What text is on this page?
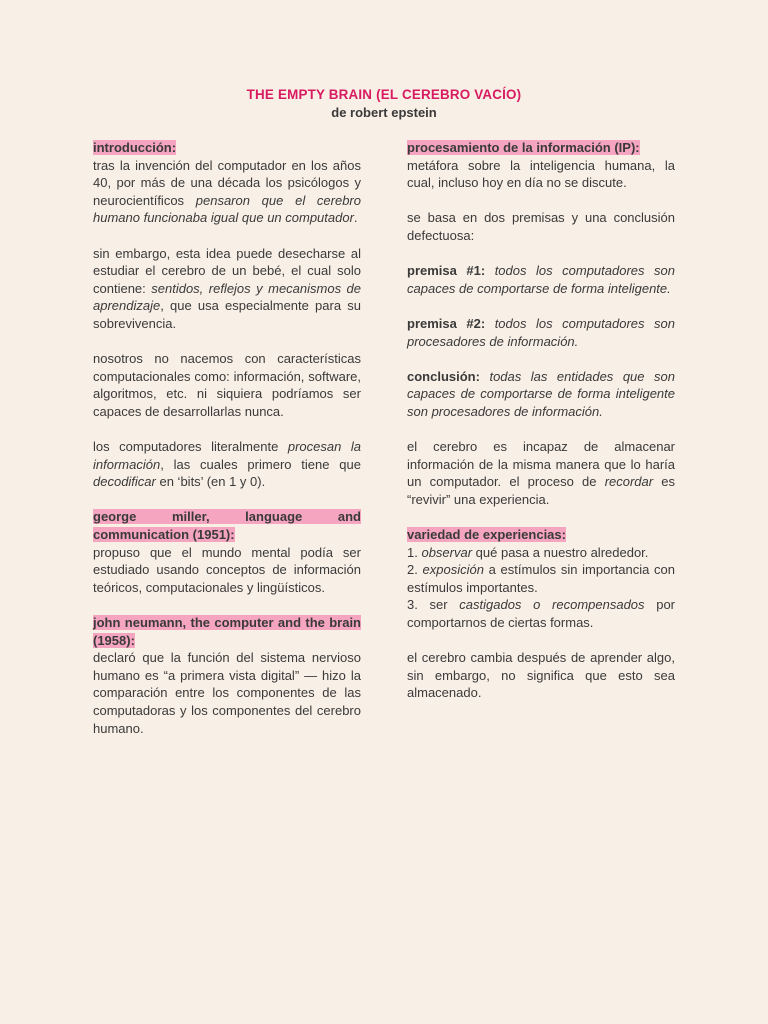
THE EMPTY BRAIN (EL CEREBRO VACÍO)
de robert epstein
introducción:

tras la invención del computador en los años 40, por más de una década los psicólogos y neurocientíficos pensaron que el cerebro humano funcionaba igual que un computador.

sin embargo, esta idea puede desecharse al estudiar el cerebro de un bebé, el cual solo contiene: sentidos, reflejos y mecanismos de aprendizaje, que usa especialmente para su sobrevivencia.

nosotros no nacemos con características computacionales como: información, software, algoritmos, etc. ni siquiera podríamos ser capaces de desarrollarlas nunca.

los computadores literalmente procesan la información, las cuales primero tiene que decodificar en ‘bits’ (en 1 y 0).

george miller, language and communication (1951):

propuso que el mundo mental podía ser estudiado usando conceptos de información teóricos, computacionales y lingüísticos.

john neumann, the computer and the brain (1958):

declaró que la función del sistema nervioso humano es “a primera vista digital” — hizo la comparación entre los componentes de las computadoras y los componentes del cerebro humano.

procesamiento de la información (IP):

metáfora sobre la inteligencia humana, la cual, incluso hoy en día no se discute.

se basa en dos premisas y una conclusión defectuosa:

premisa #1: todos los computadores son capaces de comportarse de forma inteligente.

premisa #2: todos los computadores son procesadores de información.

conclusión: todas las entidades que son capaces de comportarse de forma inteligente son procesadores de información.

el cerebro es incapaz de almacenar información de la misma manera que lo haría un computador. el proceso de recordar es “revivir” una experiencia.

variedad de experiencias:

1. observar qué pasa a nuestro alrededor.

2. exposición a estímulos sin importancia con estímulos importantes.

3. ser castigados o recompensados por comportarnos de ciertas formas.

el cerebro cambia después de aprender algo, sin embargo, no significa que esto sea almacenado.
